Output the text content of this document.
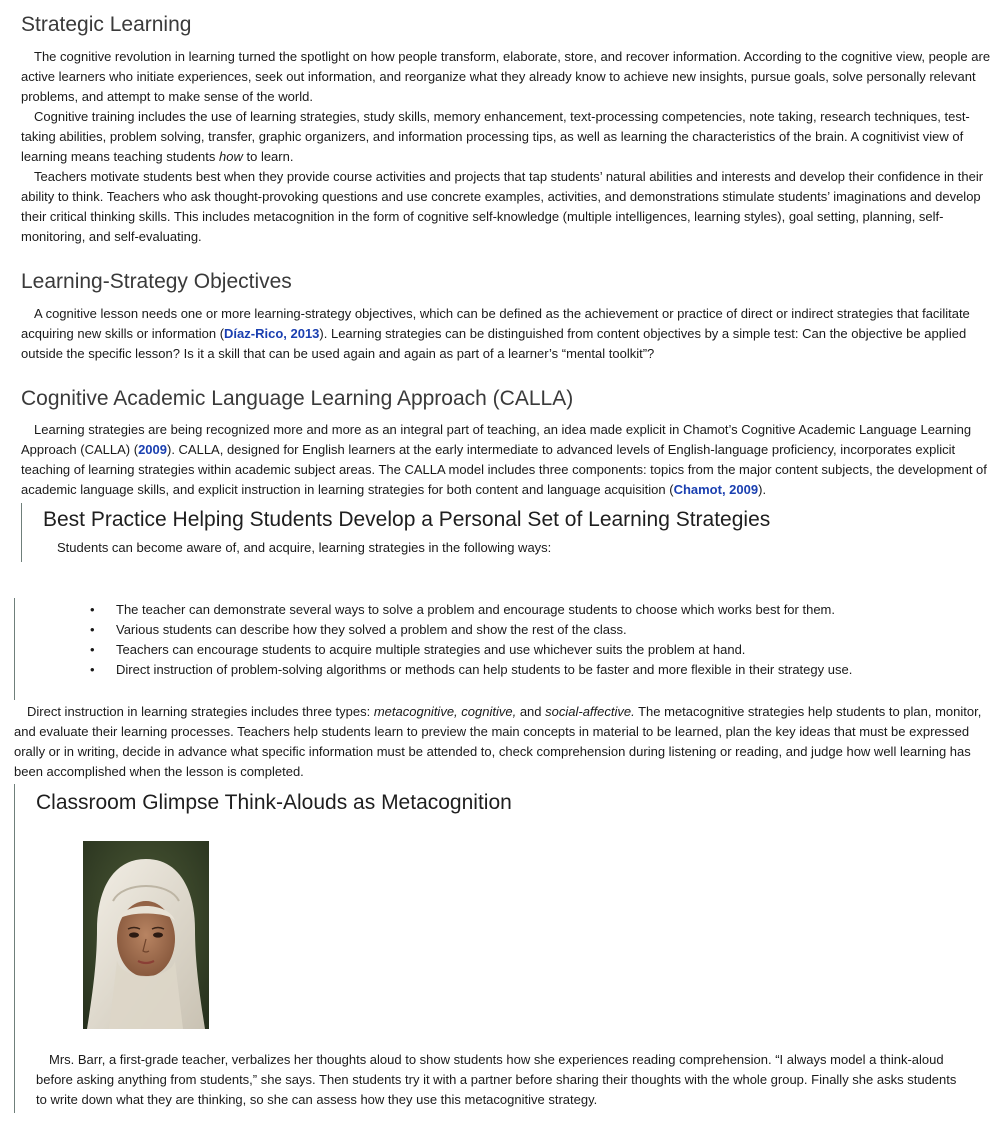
Strategic Learning

The cognitive revolution in learning turned the spotlight on how people transform, elaborate, store, and recover information. According to the cognitive view, people are active learners who initiate experiences, seek out information, and reorganize what they already know to achieve new insights, pursue goals, solve personally relevant problems, and attempt to make sense of the world.

Cognitive training includes the use of learning strategies, study skills, memory enhancement, text-processing competencies, note taking, research techniques, test-taking abilities, problem solving, transfer, graphic organizers, and information processing tips, as well as learning the characteristics of the brain. A cognitivist view of learning means teaching students how to learn.

Teachers motivate students best when they provide course activities and projects that tap students’ natural abilities and interests and develop their confidence in their ability to think. Teachers who ask thought-provoking questions and use concrete examples, activities, and demonstrations stimulate students’ imaginations and develop their critical thinking skills. This includes metacognition in the form of cognitive self-knowledge (multiple intelligences, learning styles), goal setting, planning, self-monitoring, and self-evaluating.

Learning-Strategy Objectives

A cognitive lesson needs one or more learning-strategy objectives, which can be defined as the achievement or practice of direct or indirect strategies that facilitate acquiring new skills or information (Díaz-Rico, 2013). Learning strategies can be distinguished from content objectives by a simple test: Can the objective be applied outside the specific lesson? Is it a skill that can be used again and again as part of a learner’s “mental toolkit”?

Cognitive Academic Language Learning Approach (CALLA)

Learning strategies are being recognized more and more as an integral part of teaching, an idea made explicit in Chamot’s Cognitive Academic Language Learning Approach (CALLA) (2009). CALLA, designed for English learners at the early intermediate to advanced levels of English-language proficiency, incorporates explicit teaching of learning strategies within academic subject areas. The CALLA model includes three components: topics from the major content subjects, the development of academic language skills, and explicit instruction in learning strategies for both content and language acquisition (Chamot, 2009).

Best Practice Helping Students Develop a Personal Set of Learning Strategies
Students can become aware of, and acquire, learning strategies in the following ways:
• The teacher can demonstrate several ways to solve a problem and encourage students to choose which works best for them.
• Various students can describe how they solved a problem and show the rest of the class.
• Teachers can encourage students to acquire multiple strategies and use whichever suits the problem at hand.
• Direct instruction of problem-solving algorithms or methods can help students to be faster and more flexible in their strategy use.

Direct instruction in learning strategies includes three types: metacognitive, cognitive, and social-affective. The metacognitive strategies help students to plan, monitor, and evaluate their learning processes. Teachers help students learn to preview the main concepts in material to be learned, plan the key ideas that must be expressed orally or in writing, decide in advance what specific information must be attended to, check comprehension during listening or reading, and judge how well learning has been accomplished when the lesson is completed.

Classroom Glimpse Think-Alouds as Metacognition

Mrs. Barr, a first-grade teacher, verbalizes her thoughts aloud to show students how she experiences reading comprehension. “I always model a think-aloud before asking anything from students,” she says. Then students try it with a partner before sharing their thoughts with the whole group. Finally she asks students to write down what they are thinking, so she can assess how they use this metacognitive strategy.
